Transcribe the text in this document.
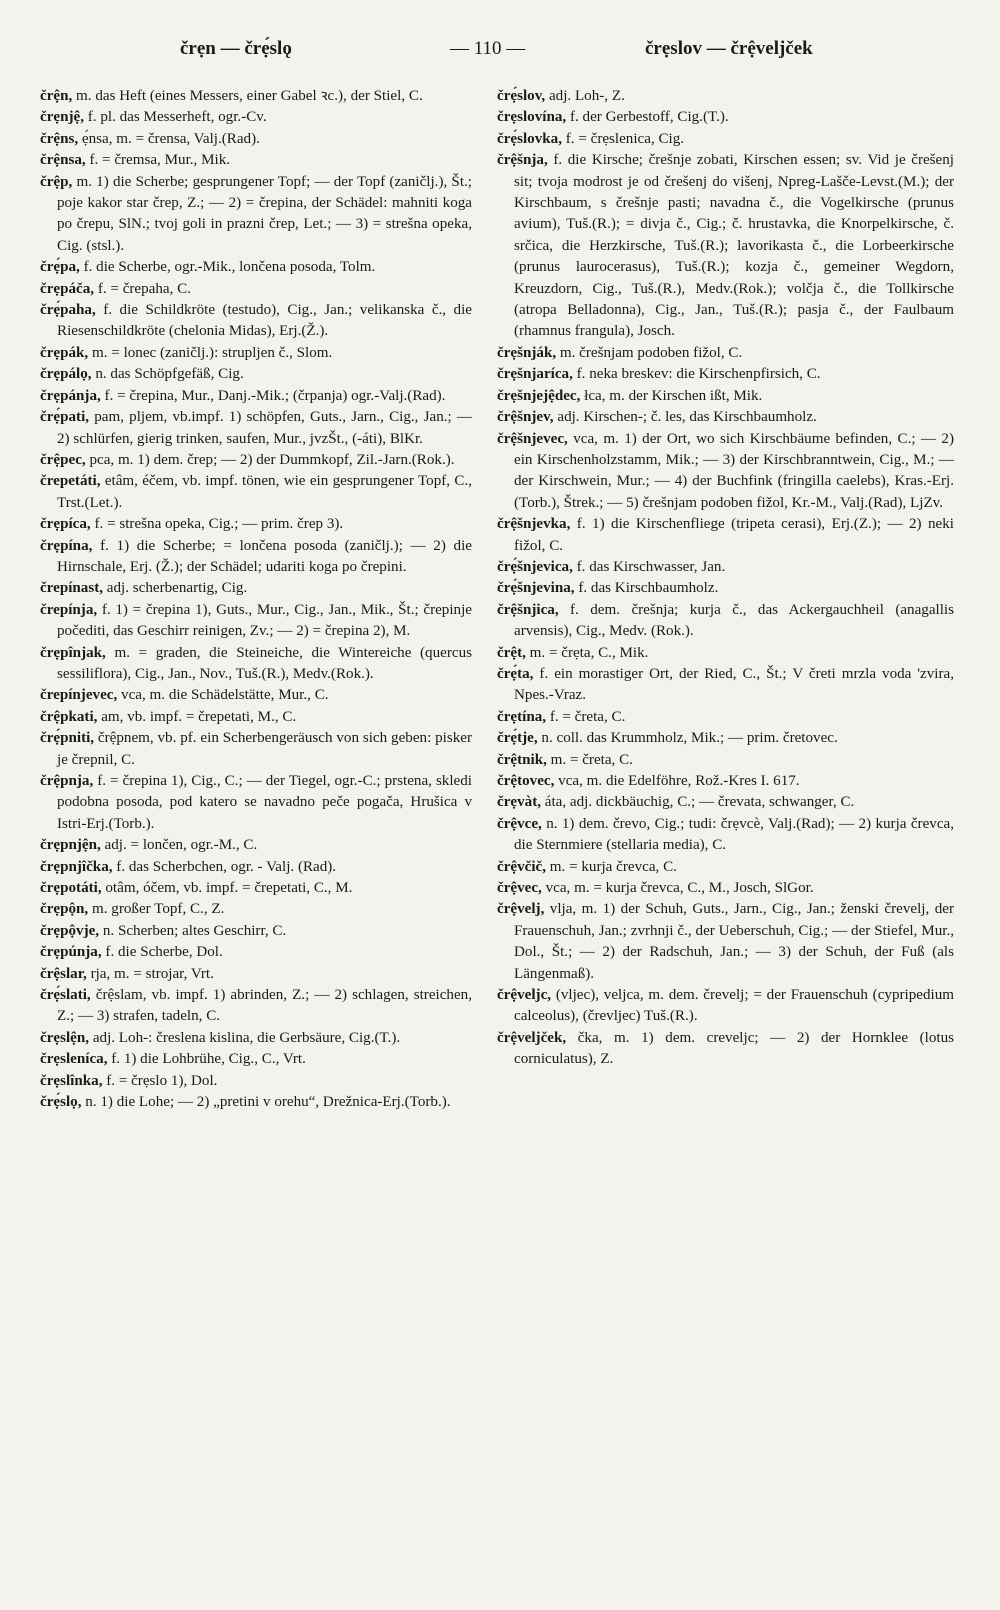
črẹn — črẹ́slǫ	— 110 —	črẹslov — črệveljček

črện, m. das Heft (eines Messers, einer Gabel ꝛc.), der Stiel, C.

črẹnjệ, f. pl. das Messerheft, ogr.-Cv.

črệns, ẹ́nsa, m. = črensa, Valj.(Rad).

črệnsa, f. = čremsa, Mur., Mik.

črệp, m. 1) die Scherbe; gesprungener Topf; — der Topf (zaničlj.), Št.; poje kakor star črep, Z.; — 2) = črepina, der Schädel: mahniti koga po črepu, SlN.; tvoj goli in prazni črep, Let.; — 3) = strešna opeka, Cig. (stsl.).

črẹ́pa, f. die Scherbe, ogr.-Mik., lončena posoda, Tolm.

črẹpáča, f. = črepaha, C.

črẹ́paha, f. die Schildkröte (testudo), Cig., Jan.; velikanska č., die Riesenschildkröte (chelonia Midas), Erj.(Ž.).

črẹpák, m. = lonec (zaničlj.): strupljen č., Slom.

črẹpálọ, n. das Schöpfgefäß, Cig.

črẹpánja, f. = črepina, Mur., Danj.-Mik.; (črpanja) ogr.-Valj.(Rad).

črẹ́pati, pam, pljem, vb.impf. 1) schöpfen, Guts., Jarn., Cig., Jan.; — 2) schlürfen, gierig trinken, saufen, Mur., jvzŠt., (-áti), BlKr.

črệpec, pca, m. 1) dem. črep; — 2) der Dummkopf, Zil.-Jarn.(Rok.).

črepetáti, etâm, éčem, vb. impf. tönen, wie ein gesprungener Topf, C., Trst.(Let.).

črẹpíca, f. = strešna opeka, Cig.; — prim. črep 3).

črẹpína, f. 1) die Scherbe; = lončena posoda (zaničlj.); — 2) die Hirnschale, Erj. (Ž.); der Schädel; udariti koga po črepini.

črepínast, adj. scherbenartig, Cig.

črepínja, f. 1) = črepina 1), Guts., Mur., Cig., Jan., Mik., Št.; črepinje počediti, das Geschirr reinigen, Zv.; — 2) = črepina 2), M.

črẹpînjak, m. = graden, die Steineiche, die Wintereiche (quercus sessiliflora), Cig., Jan., Nov., Tuš.(R.), Medv.(Rok.).

črepínjevec, vca, m. die Schädelstätte, Mur., C.

črệpkati, am, vb. impf. = črepetati, M., C.

črẹ́pniti, črệpnem, vb. pf. ein Scherbengeräusch von sich geben: pisker je črepnil, C.

črệpnja, f. = črepina 1), Cig., C.; — der Tiegel, ogr.-C.; prstena, skledi podobna posoda, pod katero se navadno peče pogača, Hrušica v Istri-Erj.(Torb.).

črẹpnjện, adj. = lončen, ogr.-M., C.

črẹpnjîčka, f. das Scherbchen, ogr. - Valj. (Rad).

črẹpotáti, otâm, óčem, vb. impf. = črepetati, C., M.

črẹpộn, m. großer Topf, C., Z.

črẹpộvje, n. Scherben; altes Geschirr, C.

črẹpúnja, f. die Scherbe, Dol.

črệslar, rja, m. = strojar, Vrt.

črẹ́slati, črệslam, vb. impf. 1) abrinden, Z.; — 2) schlagen, streichen, Z.; — 3) strafen, tadeln, C.

črẹslện, adj. Loh-: čreslena kislina, die Gerbsäure, Cig.(T.).

črẹsleníca, f. 1) die Lohbrühe, Cig., C., Vrt.

črẹslînka, f. = črẹslo 1), Dol.

črẹ́slọ, n. 1) die Lohe; — 2) „pretini v orehu“, Drežnica-Erj.(Torb.).

črẹ́slov, adj. Loh-, Z.

črẹslovína, f. der Gerbestoff, Cig.(T.).

črẹ́slovka, f. = črẹslenica, Cig.

črệšnja, f. die Kirsche; črešnje zobati, Kirschen essen; sv. Vid je črešenj sit; tvoja modrost je od črešenj do višenj, Npreg-Lašče-Levst.(M.); der Kirschbaum, s črešnje pasti; navadna č., die Vogelkirsche (prunus avium), Tuš.(R.); = divja č., Cig.; č. hrustavka, die Knorpelkirsche, č. srčica, die Herzkirsche, Tuš.(R.); lavorikasta č., die Lorbeerkirsche (prunus laurocerasus), Tuš.(R.); kozja č., gemeiner Wegdorn, Kreuzdorn, Cig., Tuš.(R.), Medv.(Rok.); volčja č., die Tollkirsche (atropa Belladonna), Cig., Jan., Tuš.(R.); pasja č., der Faulbaum (rhamnus frangula), Josch.

črẹšnják, m. črešnjam podoben fižol, C.

črẹšnjaríca, f. neka breskev: die Kirschenpfirsich, C.

črẹšnjejệdec, łca, m. der Kirschen ißt, Mik.

črệšnjev, adj. Kirschen-; č. les, das Kirschbaumholz.

črệšnjevec, vca, m. 1) der Ort, wo sich Kirschbäume befinden, C.; — 2) ein Kirschenholzstamm, Mik.; — 3) der Kirschbranntwein, Cig., M.; — der Kirschwein, Mur.; — 4) der Buchfink (fringilla caelebs), Kras.-Erj. (Torb.), Štrek.; — 5) črešnjam podoben fižol, Kr.-M., Valj.(Rad), LjZv.

črệšnjevka, f. 1) die Kirschenfliege (tripeta cerasi), Erj.(Z.); — 2) neki fižol, C.

črẹ́šnjevica, f. das Kirschwasser, Jan.

črẹ́šnjevina, f. das Kirschbaumholz.

črệšnjica, f. dem. črešnja; kurja č., das Ackergauchheil (anagallis arvensis), Cig., Medv. (Rok.).

črệt, m. = črẹta, C., Mik.

črẹ́ta, f. ein morastiger Ort, der Ried, C., Št.; V čreti mrzla voda 'zvira, Npes.-Vraz.

črẹtína, f. = čreta, C.

črẹ́tje, n. coll. das Krummholz, Mik.; — prim. čretovec.

črệtnik, m. = čreta, C.

črệtovec, vca, m. die Edelföhre, Rož.-Kres I. 617.

črẹvàt, áta, adj. dickbäuchig, C.; — črevata, schwanger, C.

črệvce, n. 1) dem. črevo, Cig.; tudi: črẹvcè, Valj.(Rad); — 2) kurja črevca, die Sternmiere (stellaria media), C.

črệvčič, m. = kurja črevca, C.

črệvec, vca, m. = kurja črevca, C., M., Josch, SlGor.

črệvelj, vlja, m. 1) der Schuh, Guts., Jarn., Cig., Jan.; ženski črevelj, der Frauenschuh, Jan.; zvrhnji č., der Ueberschuh, Cig.; — der Stiefel, Mur., Dol., Št.; — 2) der Radschuh, Jan.; — 3) der Schuh, der Fuß (als Längenmaß).

črệveljc, (vljec), veljca, m. dem. črevelj; = der Frauenschuh (cypripedium calceolus), (črevljec) Tuš.(R.).

črệveljček, čka, m. 1) dem. creveljc; — 2) der Hornklee (lotus corniculatus), Z.
